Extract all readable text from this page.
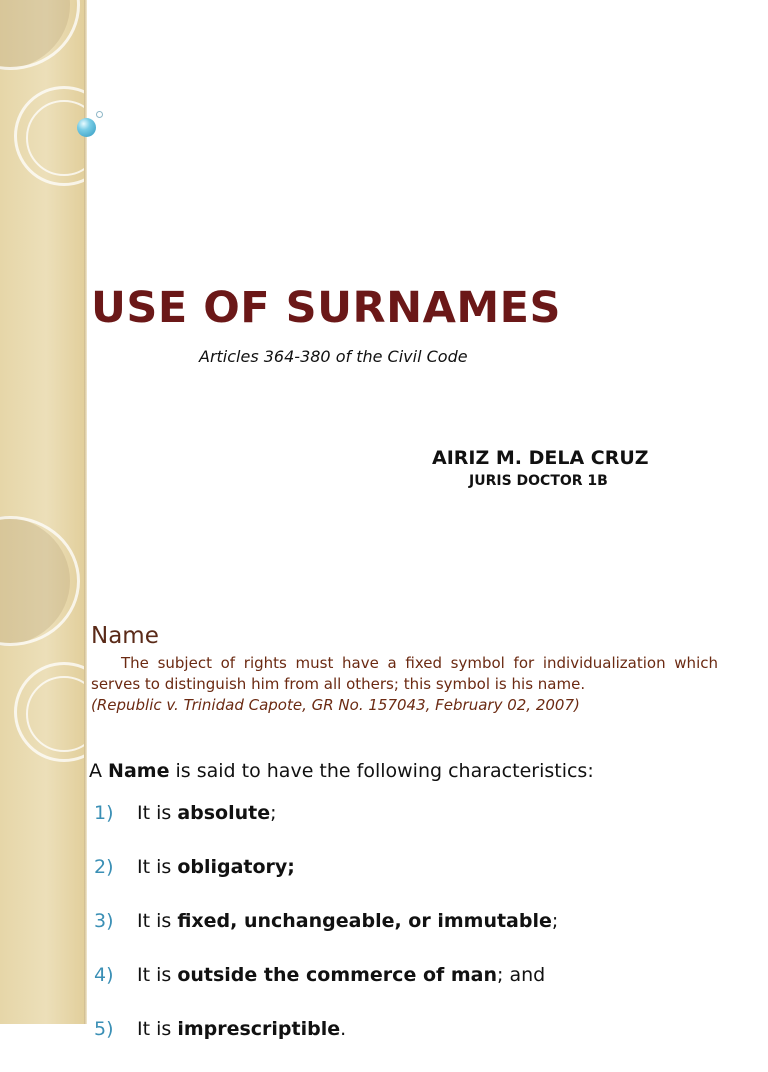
USE OF SURNAMES

Articles 364-380 of the Civil Code

AIRIZ M. DELA CRUZ
JURIS DOCTOR 1B
Name

The subject of rights must have a fixed symbol for individualization which serves to distinguish him from all others; this symbol is his name.
(Republic v. Trinidad Capote, GR No. 157043, February 02, 2007)

A Name is said to have the following characteristics:

1) It is absolute;
2) It is obligatory;
3) It is fixed, unchangeable, or immutable;
4) It is outside the commerce of man; and
5) It is imprescriptible.
